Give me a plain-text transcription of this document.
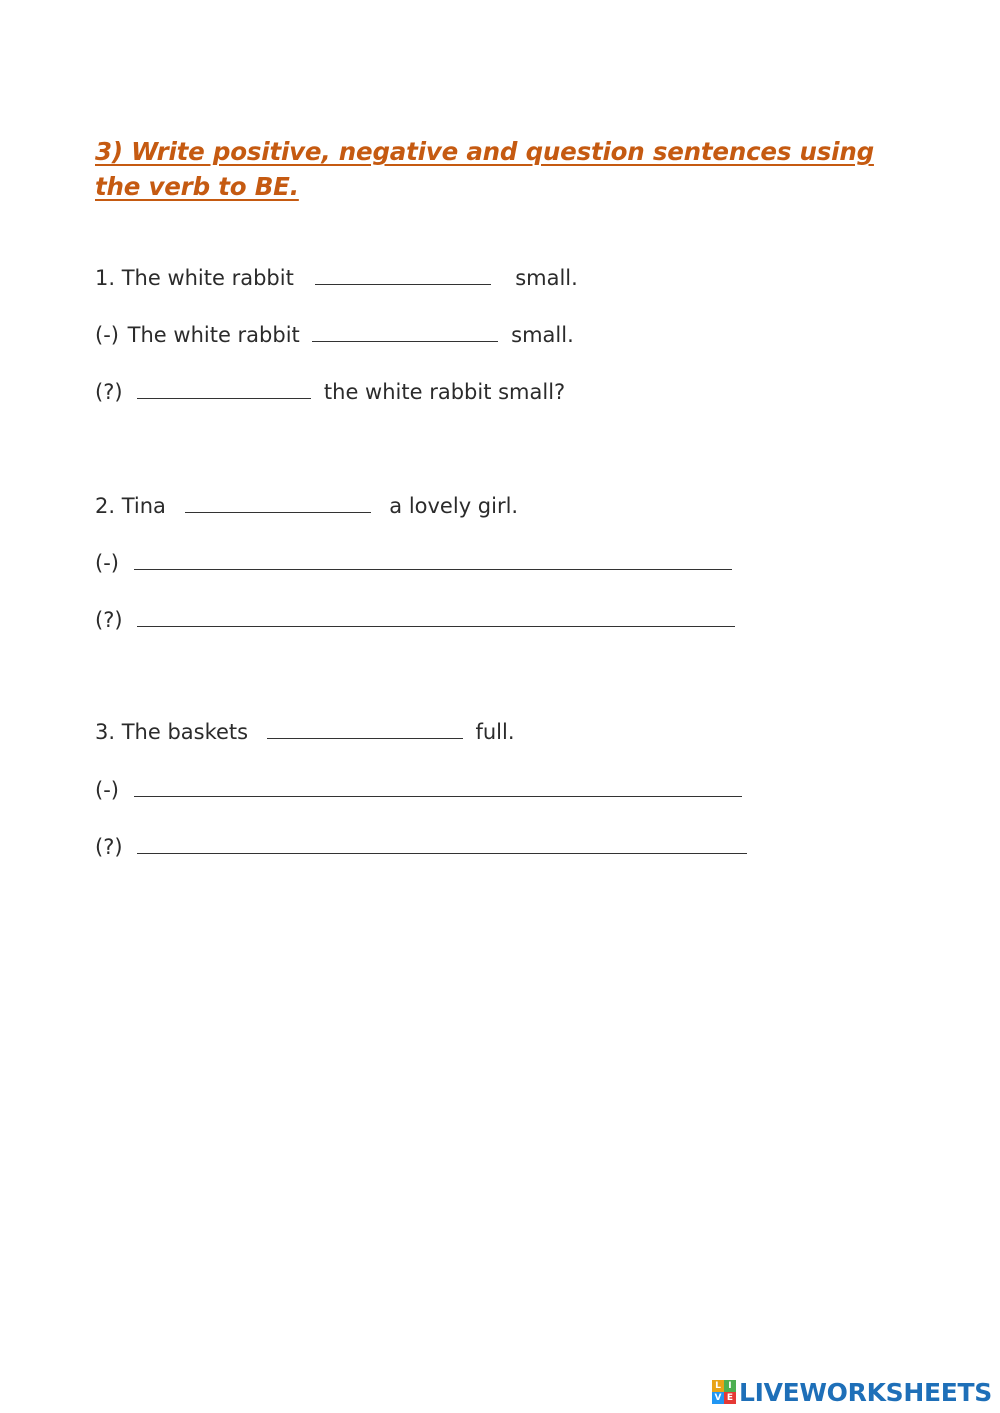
3) Write positive, negative and question sentences using the verb to BE.
1. The white rabbit	small.
(-) The white rabbit	small.
(?)	the white rabbit small?
2. Tina	a lovely girl.
(-)
(?)
3. The baskets	full.
(-)
(?)
L I
V E LIVEWORKSHEETS
